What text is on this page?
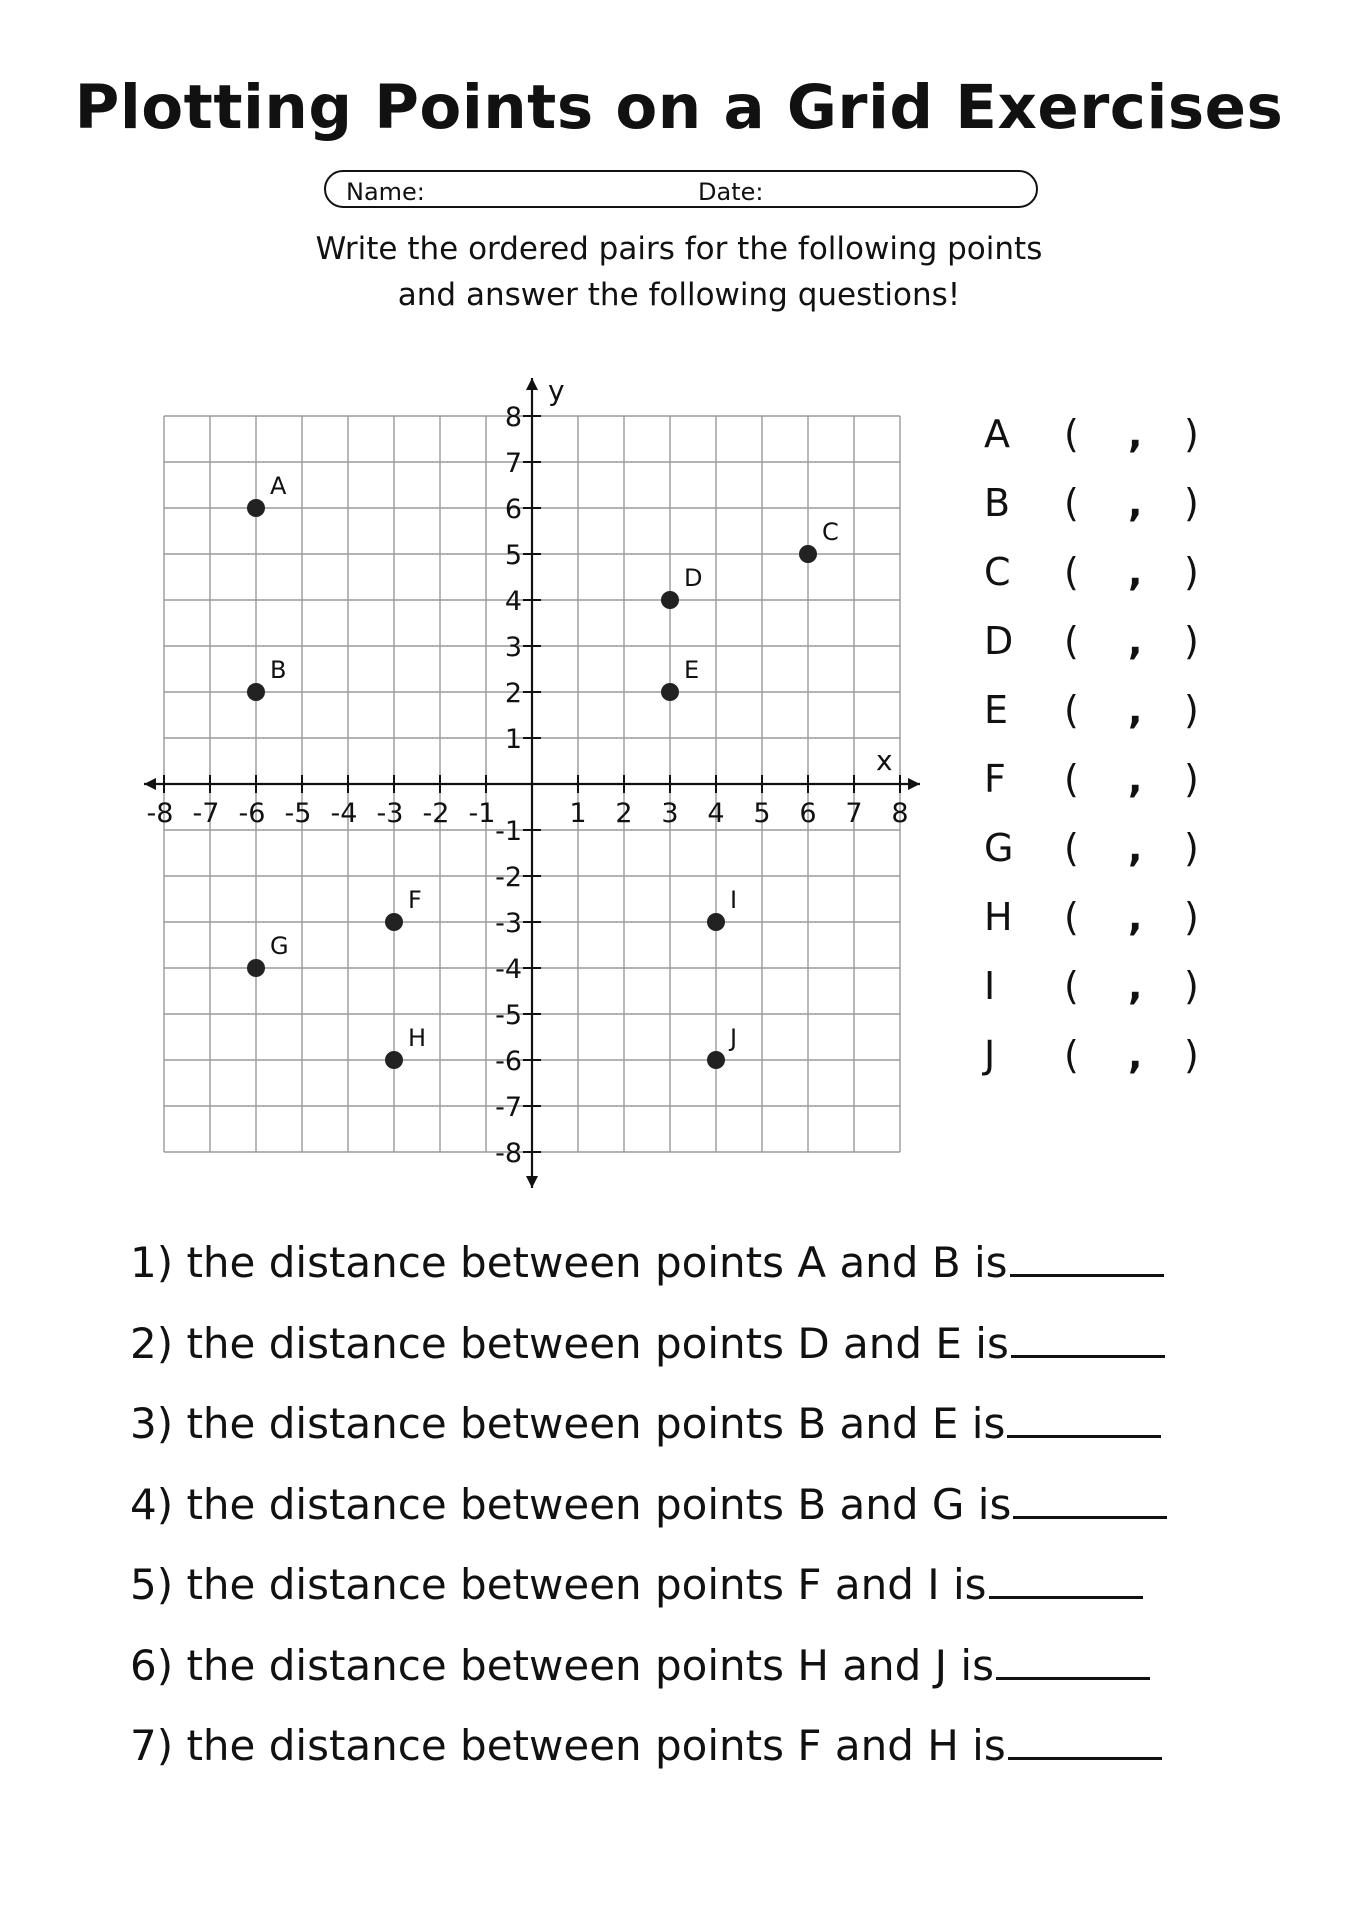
Plotting Points on a Grid Exercises
Name:	Date:
Write the ordered pairs for the following points
and answer the following questions!
-8 -7 -6 -5 -4 -3 -2 -1	1 2 3 4 5 6 7 8
8
7
6
5
4
3
2
1
-1
-2
-3
-4
-5
-6
-7
-8
x
y
A
B
C
D
E
F
G
H
I
J
A ( , )
B ( , )
C ( , )
D ( , )
E ( , )
F ( , )
G ( , )
H ( , )
I ( , )
J ( , )
1) the distance between points A and B is
2) the distance between points D and E is
3) the distance between points B and E is
4) the distance between points B and G is
5) the distance between points F and I is
6) the distance between points H and J is
7) the distance between points F and H is
